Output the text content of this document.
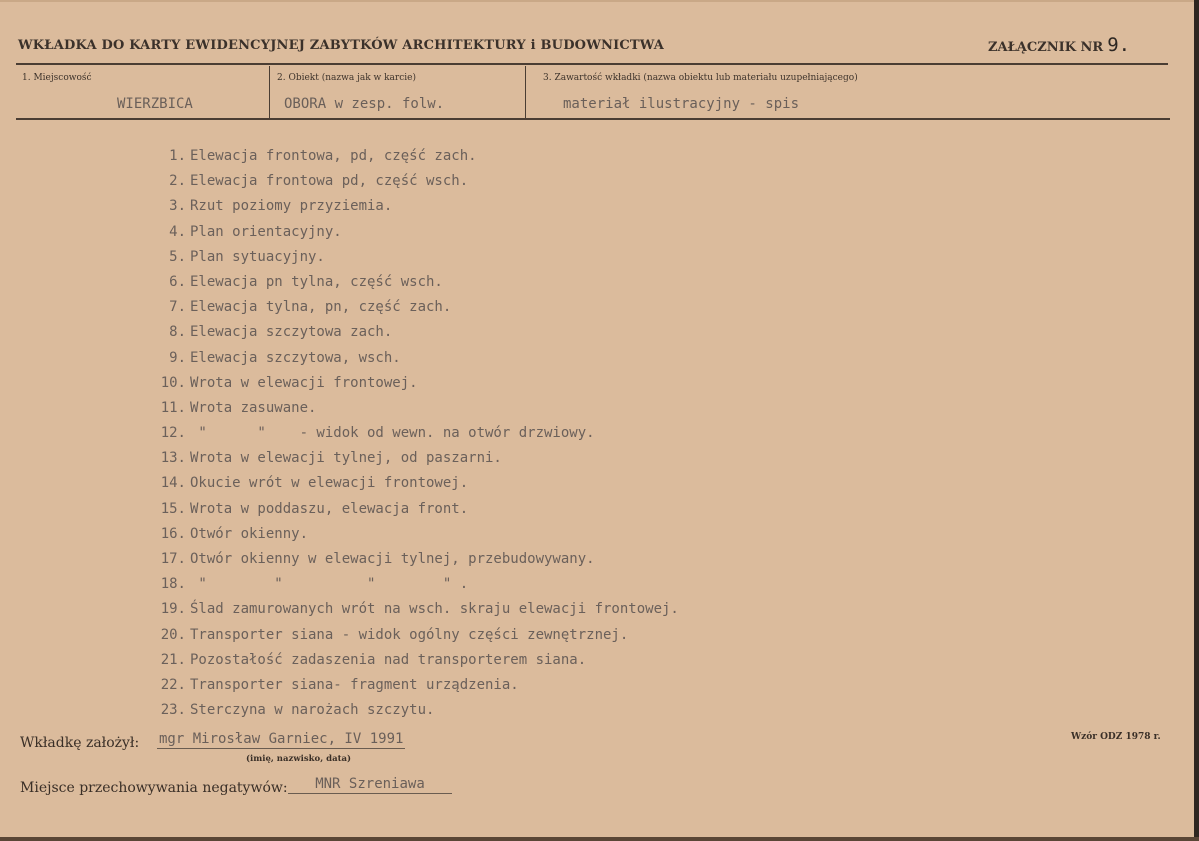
WKŁADKA DO KARTY EWIDENCYJNEJ ZABYTKÓW ARCHITEKTURY i BUDOWNICTWA	ZAŁĄCZNIK NR 9.
1. Miejscowość	2. Obiekt (nazwa jak w karcie)	3. Zawartość wkładki (nazwa obiektu lub materiału uzupełniającego)
WIERZBICA	OBORA w zesp. folw.	materiał ilustracyjny - spis
1. Elewacja frontowa, pd, część zach.
2. Elewacja frontowa pd, część wsch.
3. Rzut poziomy przyziemia.
4. Plan orientacyjny.
5. Plan sytuacyjny.
6. Elewacja pn tylna, część wsch.
7. Elewacja tylna, pn, część zach.
8. Elewacja szczytowa zach.
9. Elewacja szczytowa, wsch.
10. Wrota w elewacji frontowej.
11. Wrota zasuwane.
12. "      "    - widok od wewn. na otwór drzwiowy.
13. Wrota w elewacji tylnej, od paszarni.
14. Okucie wrót w elewacji frontowej.
15. Wrota w poddaszu, elewacja front.
16. Otwór okienny.
17. Otwór okienny w elewacji tylnej, przebudowywany.
18. "        "          "        " .
19. Ślad zamurowanych wrót na wsch. skraju elewacji frontowej.
20. Transporter siana - widok ogólny części zewnętrznej.
21. Pozostałość zadaszenia nad transporterem siana.
22. Transporter siana- fragment urządzenia.
23. Sterczyna w narożach szczytu.
Wkładkę założył: mgr Mirosław Garniec, IV 1991
(imię, nazwisko, data)
Miejsce przechowywania negatywów:	MNR Szreniawa
Wzór ODZ 1978 r.
